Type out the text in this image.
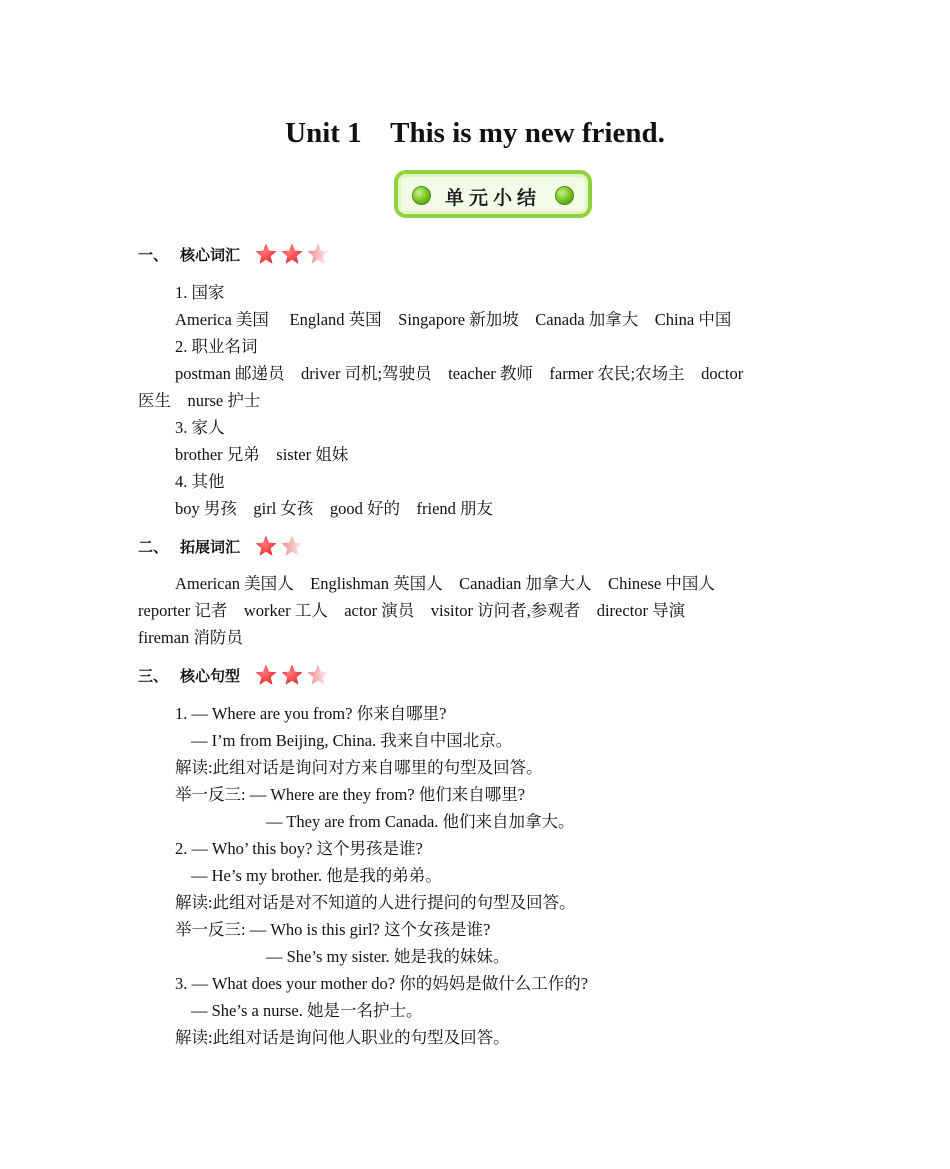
Unit 1    This is my new friend.
单元小结
一、 核心词汇
1. 国家
America 美国     England 英国    Singapore 新加坡    Canada 加拿大    China 中国
2. 职业名词
postman 邮递员    driver 司机;驾驶员    teacher 教师    farmer 农民;农场主    doctor
医生    nurse 护士
3. 家人
brother 兄弟    sister 姐妹
4. 其他
boy 男孩    girl 女孩    good 好的    friend 朋友
二、 拓展词汇
American 美国人    Englishman 英国人    Canadian 加拿大人    Chinese 中国人
reporter 记者    worker 工人    actor 演员    visitor 访问者,参观者    director 导演
fireman 消防员
三、 核心句型
1. — Where are you from? 你来自哪里?
— I’m from Beijing, China. 我来自中国北京。
解读:此组对话是询问对方来自哪里的句型及回答。
举一反三: — Where are they from? 他们来自哪里?
— They are from Canada. 他们来自加拿大。
2. — Who’ this boy? 这个男孩是谁?
— He’s my brother. 他是我的弟弟。
解读:此组对话是对不知道的人进行提问的句型及回答。
举一反三: — Who is this girl? 这个女孩是谁?
— She’s my sister. 她是我的妹妹。
3. — What does your mother do? 你的妈妈是做什么工作的?
— She’s a nurse. 她是一名护士。
解读:此组对话是询问他人职业的句型及回答。
